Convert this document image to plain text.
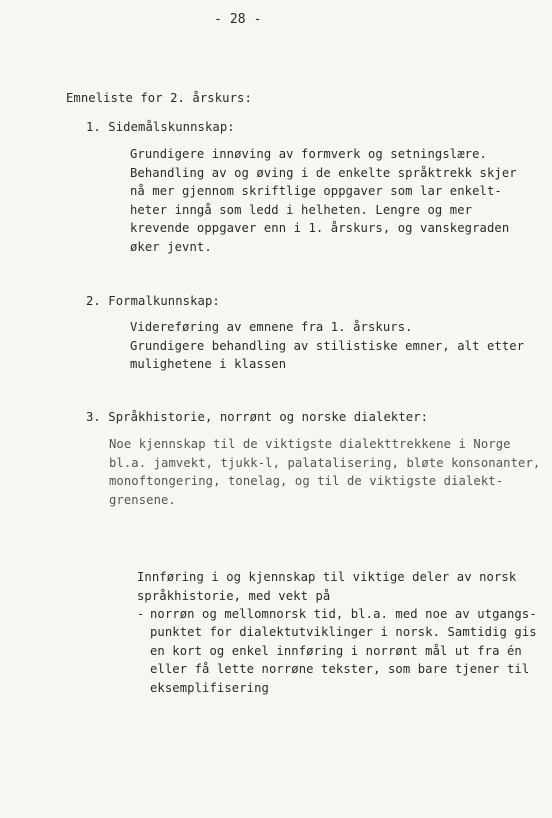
- 28 -
Emneliste for 2. årskurs:
1. Sidemålskunnskap:
Grundigere innøving av formverk og setningslære.
Behandling av og øving i de enkelte språktrekk skjer
nå mer gjennom skriftlige oppgaver som lar enkelt-
heter inngå som ledd i helheten. Lengre og mer
krevende oppgaver enn i 1. årskurs, og vanskegraden
øker jevnt.
2. Formalkunnskap:
Videreføring av emnene fra 1. årskurs.
Grundigere behandling av stilistiske emner, alt etter
mulighetene i klassen
3. Språkhistorie, norrønt og norske dialekter:
Noe kjennskap til de viktigste dialekttrekkene i Norge
bl.a. jamvekt, tjukk-l, palatalisering, bløte konsonanter,
monoftongering, tonelag, og til de viktigste dialekt-
grensene.
Innføring i og kjennskap til viktige deler av norsk
språkhistorie, med vekt på
- norrøn og mellomnorsk tid, bl.a. med noe av utgangs-
punktet for dialektutviklinger i norsk. Samtidig gis
en kort og enkel innføring i norrønt mål ut fra én
eller få lette norrøne tekster, som bare tjener til
eksemplifisering
